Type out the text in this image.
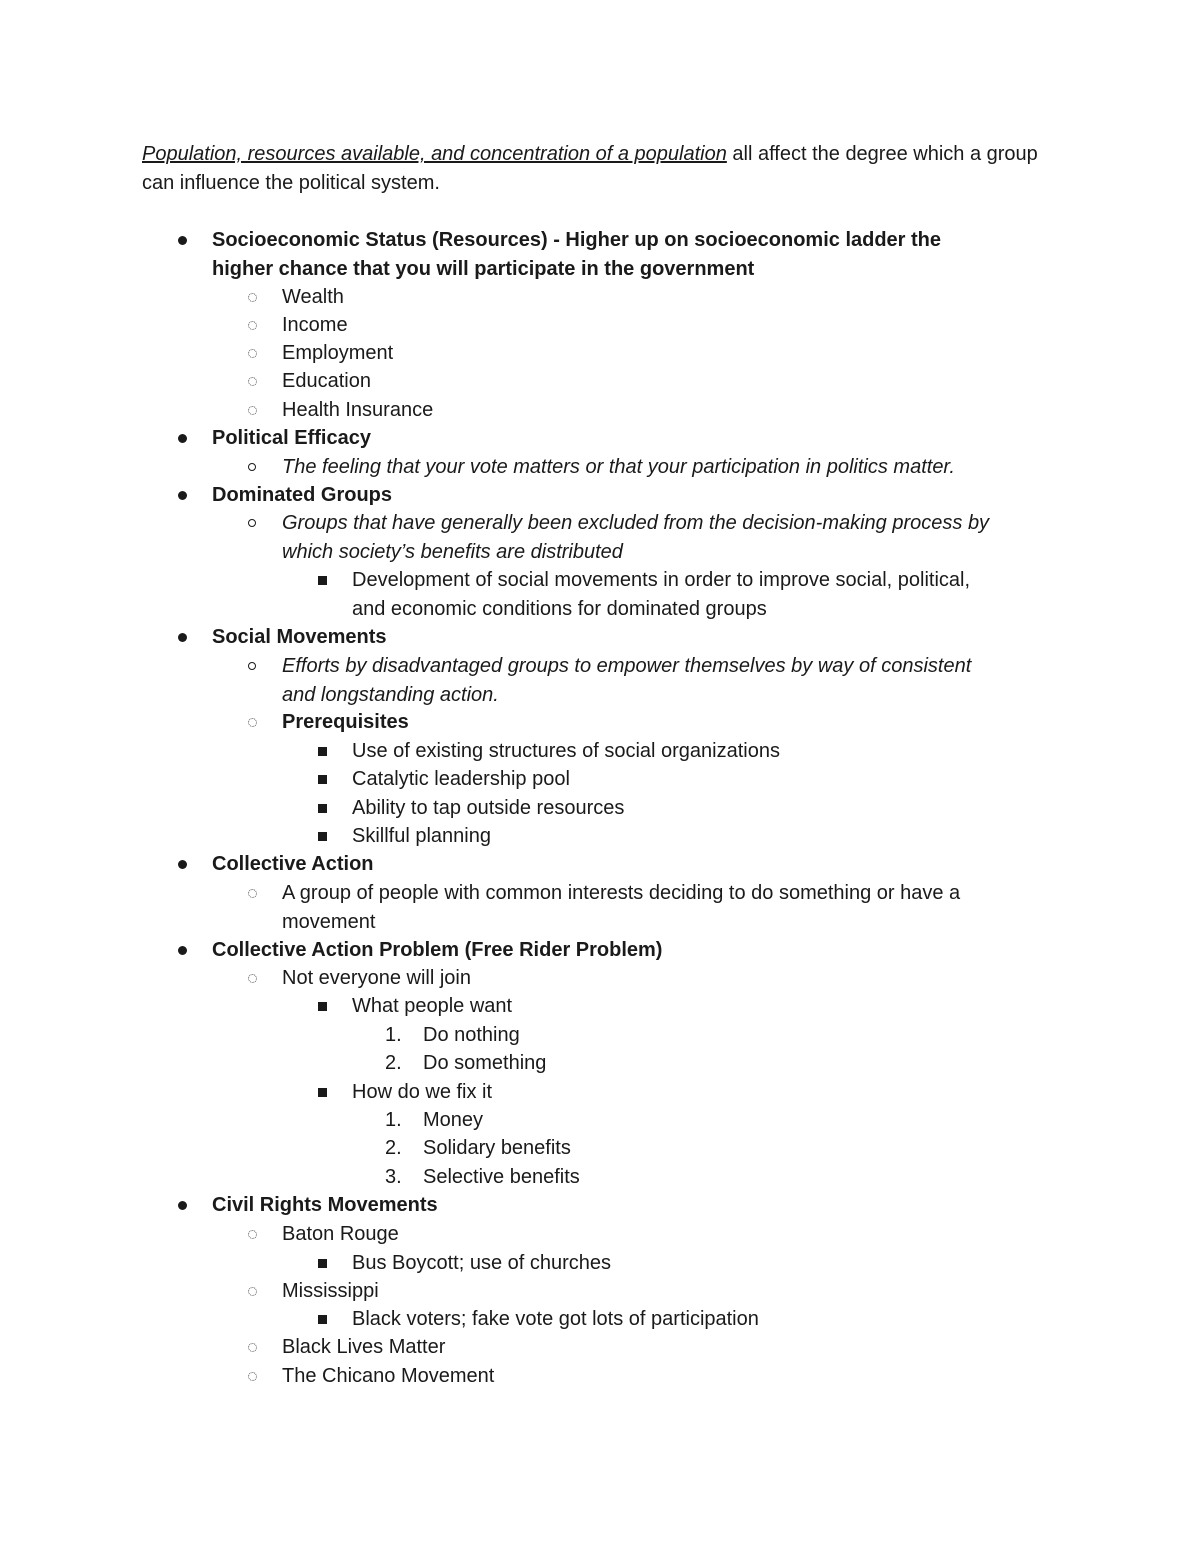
Population, resources available, and concentration of a population all affect the degree which a group can influence the political system.
Socioeconomic Status (Resources) - Higher up on socioeconomic ladder the
higher chance that you will participate in the government
Wealth
Income
Employment
Education
Health Insurance
Political Efficacy
The feeling that your vote matters or that your participation in politics matter.
Dominated Groups
Groups that have generally been excluded from the decision-making process by
which society’s benefits are distributed
Development of social movements in order to improve social, political,
and economic conditions for dominated groups
Social Movements
Efforts by disadvantaged groups to empower themselves by way of consistent
and longstanding action.
Prerequisites
Use of existing structures of social organizations
Catalytic leadership pool
Ability to tap outside resources
Skillful planning
Collective Action
A group of people with common interests deciding to do something or have a
movement
Collective Action Problem (Free Rider Problem)
Not everyone will join
What people want
1. Do nothing
2. Do something
How do we fix it
1. Money
2. Solidary benefits
3. Selective benefits
Civil Rights Movements
Baton Rouge
Bus Boycott; use of churches
Mississippi
Black voters; fake vote got lots of participation
Black Lives Matter
The Chicano Movement
